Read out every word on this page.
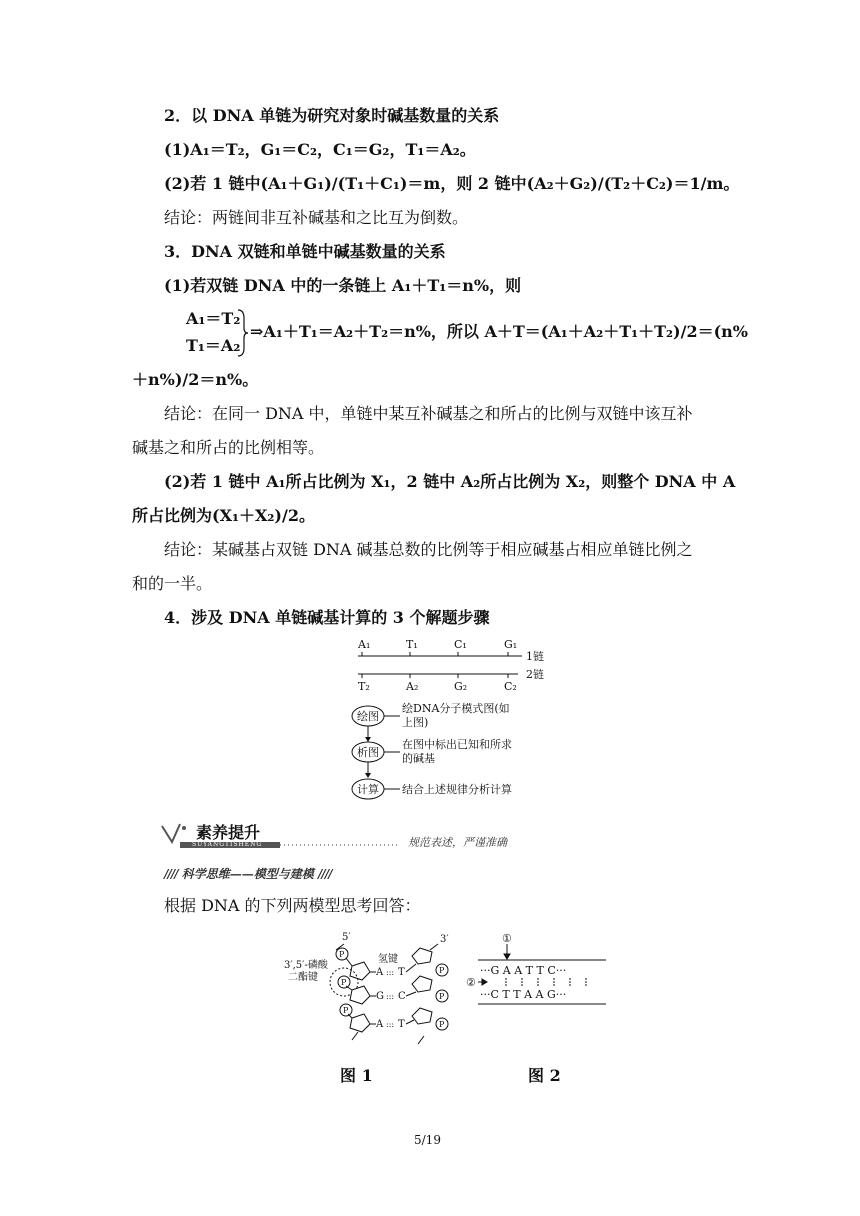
2．以 DNA 单链为研究对象时碱基数量的关系
(1)A₁＝T₂，G₁＝C₂，C₁＝G₂，T₁＝A₂。
(2)若 1 链中(A₁＋G₁)/(T₁＋C₁)＝m，则 2 链中(A₂＋G₂)/(T₂＋C₂)＝1/m。
结论：两链间非互补碱基和之比互为倒数。
3．DNA 双链和单链中碱基数量的关系
(1)若双链 DNA 中的一条链上 A₁＋T₁＝n%，则
A₁＝T₂
T₁＝A₂
⇒A₁＋T₁＝A₂＋T₂＝n%，所以 A＋T＝(A₁＋A₂＋T₁＋T₂)/2＝(n%
＋n%)/2＝n%。
结论：在同一 DNA 中，单链中某互补碱基之和所占的比例与双链中该互补
碱基之和所占的比例相等。
(2)若 1 链中 A₁所占比例为 X₁，2 链中 A₂所占比例为 X₂，则整个 DNA 中 A
所占比例为(X₁＋X₂)/2。
结论：某碱基占双链 DNA 碱基总数的比例等于相应碱基占相应单链比例之
和的一半。
4．涉及 DNA 单链碱基计算的 3 个解题步骤
A₁	T₁	C₁	G₁
1链
2链
T₂	A₂	G₂	C₂
绘图
绘DNA分子模式图(如
上图)
析图
在图中标出已知和所求
的碱基
计算 结合上述规律分析计算
素养提升
SUYANGTISHENG	规范表述，严谨准确
//// 科学思维——模型与建模 ////
根据 DNA 的下列两模型思考回答：
5′
3′,5′-磷酸
二酯键
P
P
P
A ::: T
氢键
G ::: C
A ::: T
3′
P
P
P
①
···G A A T T C···
②
···C T T A A G···
图 1	图 2
5/19
